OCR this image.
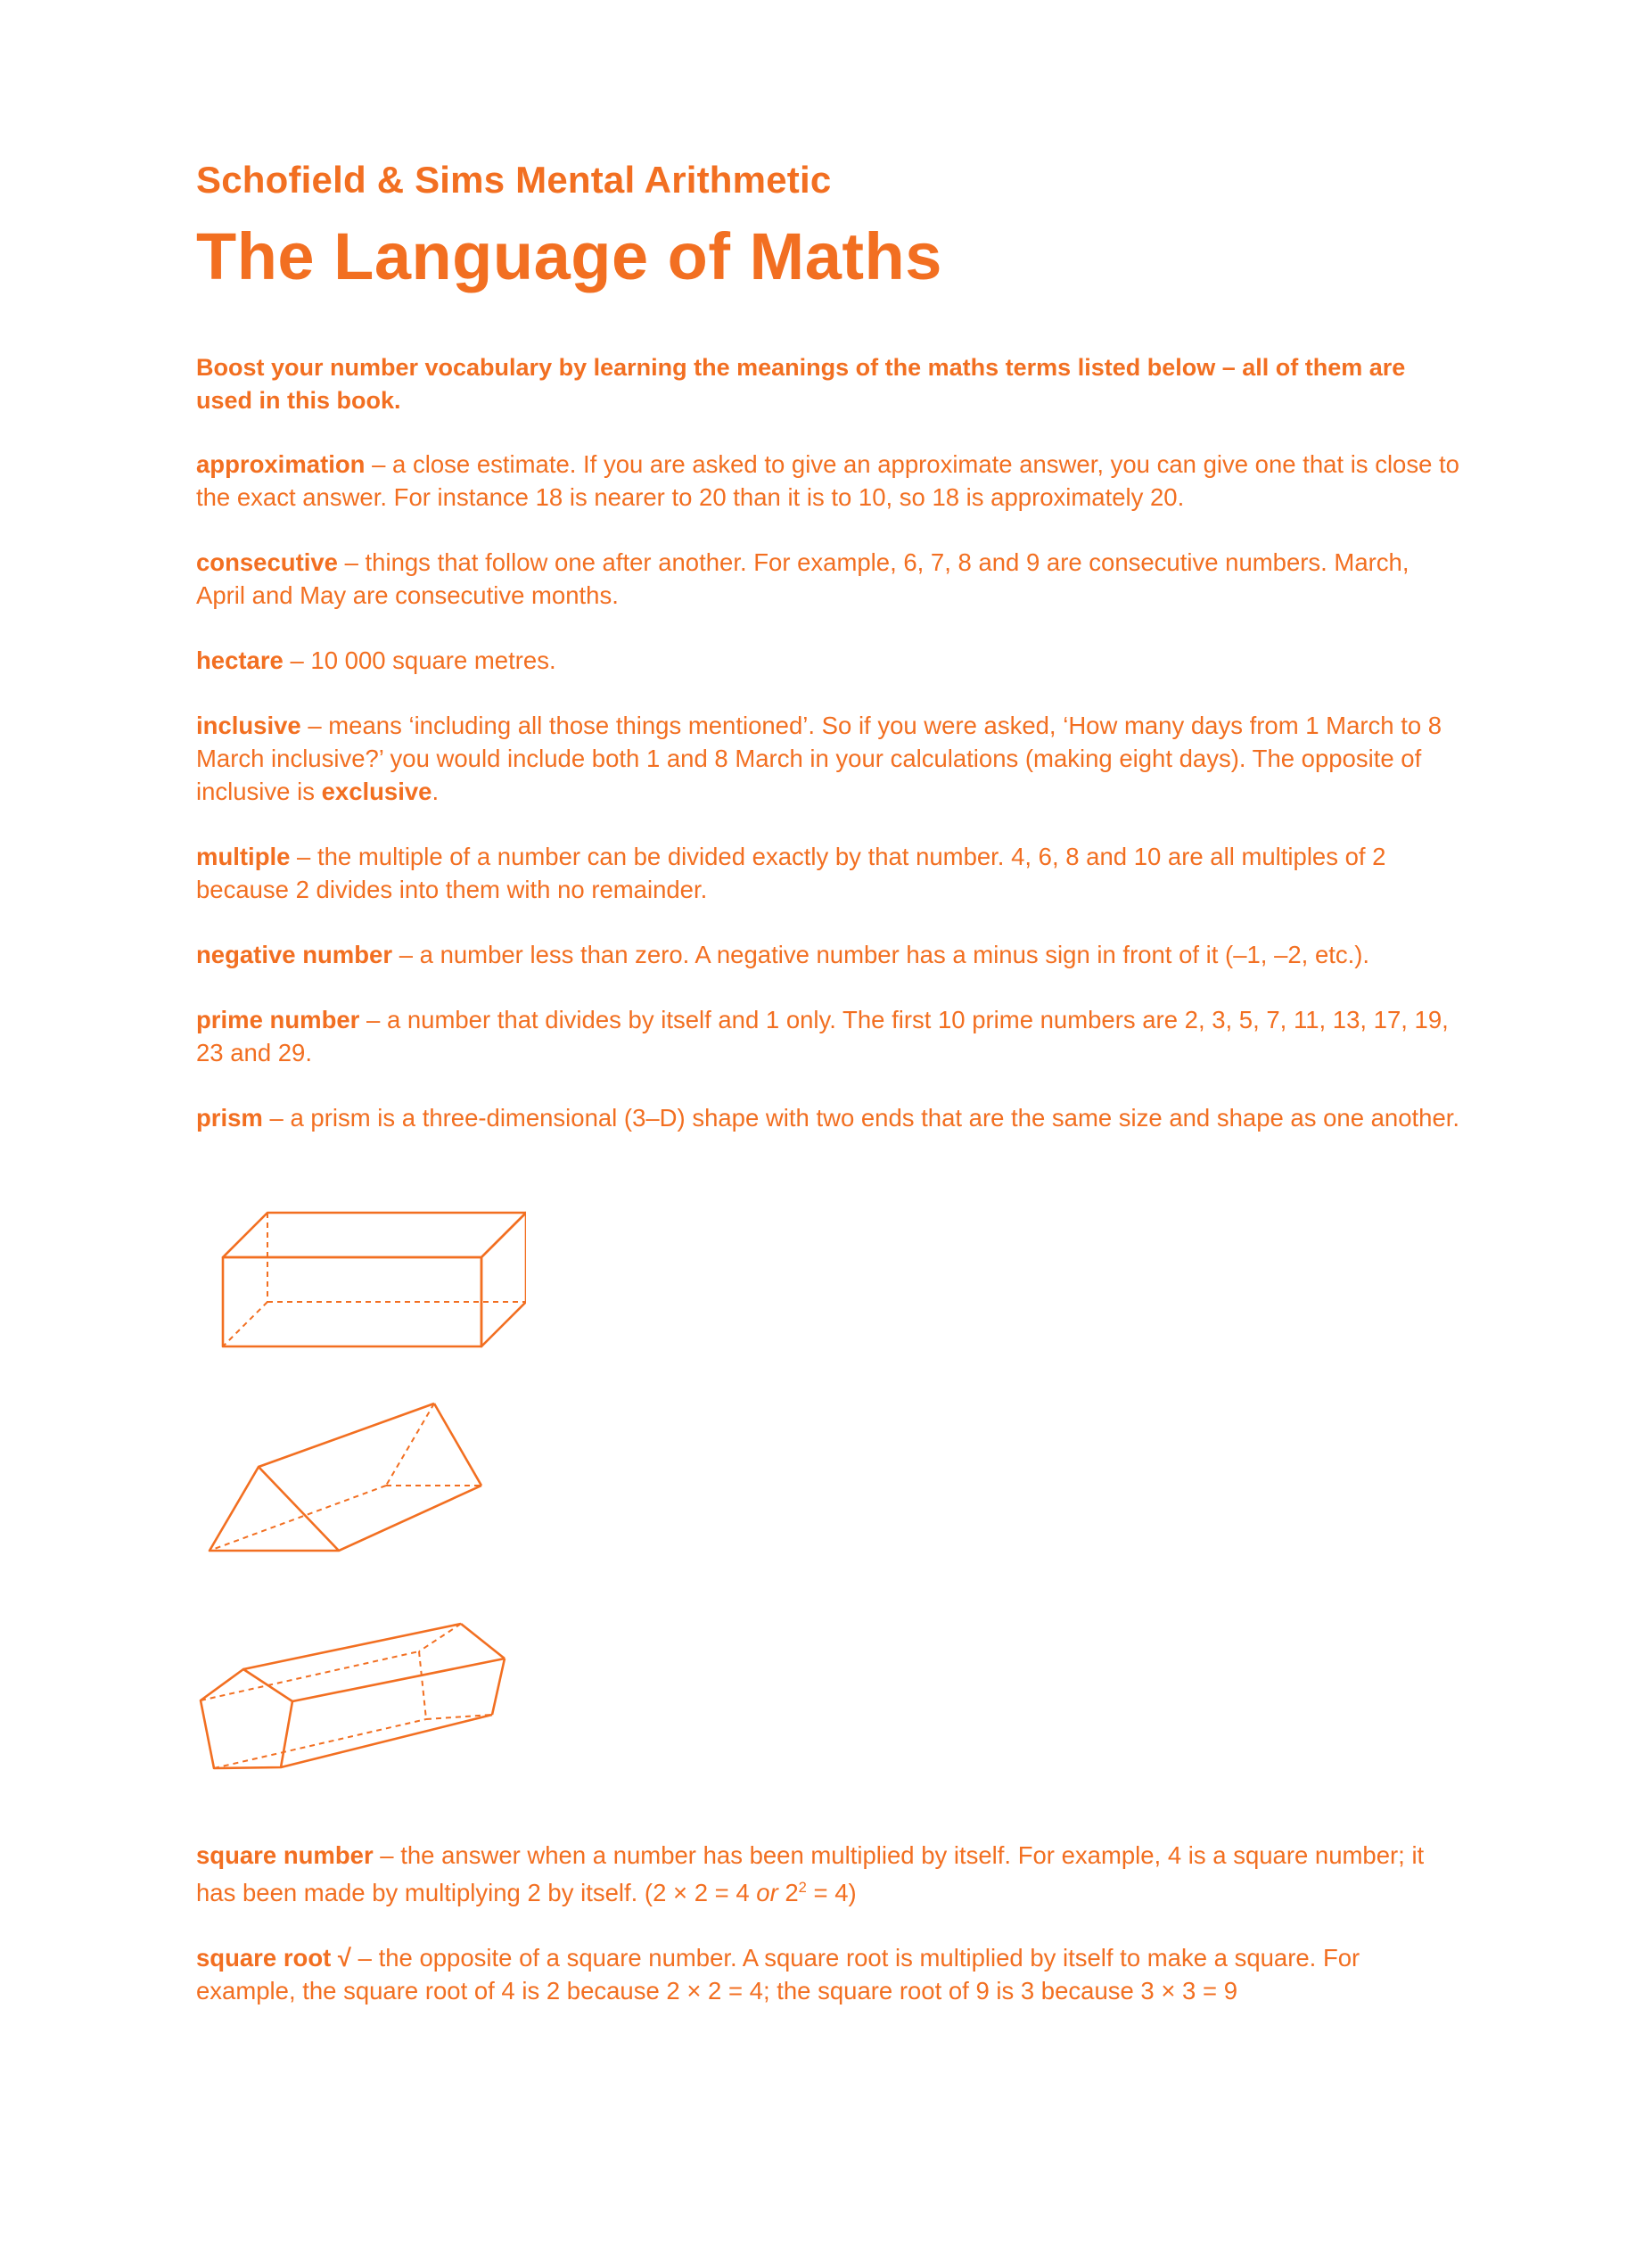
Schofield & Sims Mental Arithmetic
The Language of Maths
Boost your number vocabulary by learning the meanings of the maths terms listed below – all of them are used in this book.

approximation – a close estimate. If you are asked to give an approximate answer, you can give one that is close to the exact answer. For instance 18 is nearer to 20 than it is to 10, so 18 is approximately 20.

consecutive – things that follow one after another. For example, 6, 7, 8 and 9 are consecutive numbers. March, April and May are consecutive months.

hectare – 10 000 square metres.

inclusive – means ‘including all those things mentioned’. So if you were asked, ‘How many days from 1 March to 8 March inclusive?’ you would include both 1 and 8 March in your calculations (making eight days). The opposite of inclusive is exclusive.

multiple – the multiple of a number can be divided exactly by that number. 4, 6, 8 and 10 are all multiples of 2 because 2 divides into them with no remainder.

negative number – a number less than zero. A negative number has a minus sign in front of it (–1, –2, etc.).

prime number – a number that divides by itself and 1 only. The first 10 prime numbers are 2, 3, 5, 7, 11, 13, 17, 19, 23 and 29.

prism – a prism is a three-dimensional (3–D) shape with two ends that are the same size and shape as one another.

square number – the answer when a number has been multiplied by itself. For example, 4 is a square number; it has been made by multiplying 2 by itself. (2 × 2 = 4 or $2^2 = 4$)

square root √ – the opposite of a square number. A square root is multiplied by itself to make a square. For example, the square root of 4 is 2 because 2 × 2 = 4; the square root of 9 is 3 because 3 × 3 = 9
